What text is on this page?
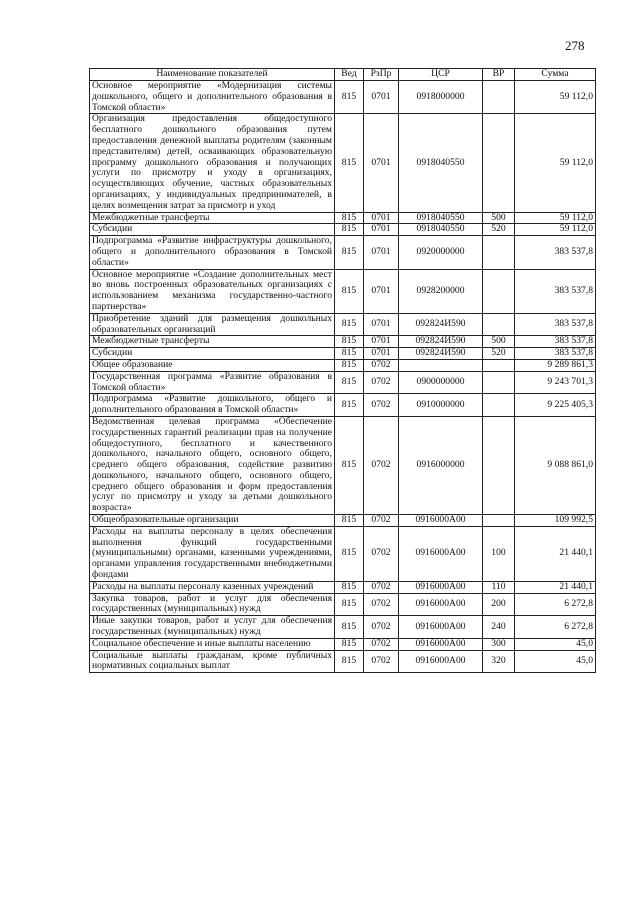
278
Наименование показателей	Вед	РзПр	ЦСР	ВР	Сумма
Основное мероприятие «Модернизация системы дошкольного, общего и дополнительного образования в Томской области»	815	0701	0918000000		59 112,0
Организация предоставления общедоступного бесплатного дошкольного образования путем предоставления денежной выплаты родителям (законным представителям) детей, осваивающих образовательную программу дошкольного образования и получающих услуги по присмотру и уходу в организациях, осуществляющих обучение, частных образовательных организациях, у индивидуальных предпринимателей, в целях возмещения затрат за присмотр и уход	815	0701	0918040550		59 112,0
Межбюджетные трансферты	815	0701	0918040550	500	59 112,0
Субсидии	815	0701	0918040550	520	59 112,0
Подпрограмма «Развитие инфраструктуры дошкольного, общего и дополнительного образования в Томской области»	815	0701	0920000000		383 537,8
Основное мероприятие «Создание дополнительных мест во вновь построенных образовательных организациях с использованием механизма государственно-частного партнерства»	815	0701	0928200000		383 537,8
Приобретение зданий для размещения дошкольных образовательных организаций	815	0701	092824И590		383 537,8
Межбюджетные трансферты	815	0701	092824И590	500	383 537,8
Субсидии	815	0701	092824И590	520	383 537,8
Общее образование	815	0702			9 289 861,3
Государственная программа «Развитие образования в Томской области»	815	0702	0900000000		9 243 701,3
Подпрограмма «Развитие дошкольного, общего и дополнительного образования в Томской области»	815	0702	0910000000		9 225 405,3
Ведомственная целевая программа «Обеспечение государственных гарантий реализации прав на получение общедоступного, бесплатного и качественного дошкольного, начального общего, основного общего, среднего общего образования, содействие развитию дошкольного, начального общего, основного общего, среднего общего образования и форм предоставления услуг по присмотру и уходу за детьми дошкольного возраста»	815	0702	0916000000		9 088 861,0
Общеобразовательные организации	815	0702	0916000А00		109 992,5
Расходы на выплаты персоналу в целях обеспечения выполнения функций государственными (муниципальными) органами, казенными учреждениями, органами управления государственными внебюджетными фондами	815	0702	0916000А00	100	21 440,1
Расходы на выплаты персоналу казенных учреждений	815	0702	0916000А00	110	21 440,1
Закупка товаров, работ и услуг для обеспечения государственных (муниципальных) нужд	815	0702	0916000А00	200	6 272,8
Иные закупки товаров, работ и услуг для обеспечения государственных (муниципальных) нужд	815	0702	0916000А00	240	6 272,8
Социальное обеспечение и иные выплаты населению	815	0702	0916000А00	300	45,0
Социальные выплаты гражданам, кроме публичных нормативных социальных выплат	815	0702	0916000А00	320	45,0
